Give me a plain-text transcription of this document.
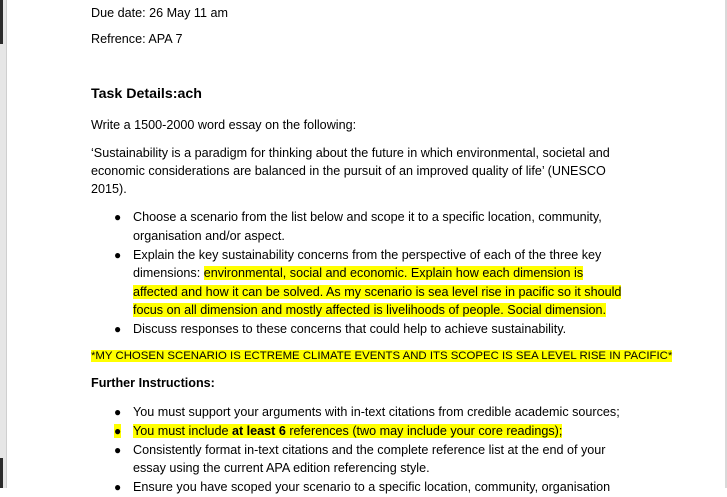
Due date: 26 May 11 am
Refrence: APA 7
Task Details:ach
Write a 1500-2000 word essay on the following:
‘Sustainability is a paradigm for thinking about the future in which environmental, societal and
economic considerations are balanced in the pursuit of an improved quality of life’ (UNESCO
2015).
● Choose a scenario from the list below and scope it to a specific location, community,
organisation and/or aspect.
● Explain the key sustainability concerns from the perspective of each of the three key
dimensions: environmental, social and economic. Explain how each dimension is
affected and how it can be solved. As my scenario is sea level rise in pacific so it should
focus on all dimension and mostly affected is livelihoods of people. Social dimension.
● Discuss responses to these concerns that could help to achieve sustainability.
*MY CHOSEN SCENARIO IS ECTREME CLIMATE EVENTS AND ITS SCOPEC IS SEA LEVEL RISE IN PACIFIC*
Further Instructions:
● You must support your arguments with in-text citations from credible academic sources;
● You must include at least 6 references (two may include your core readings);
● Consistently format in-text citations and the complete reference list at the end of your
essay using the current APA edition referencing style.
● Ensure you have scoped your scenario to a specific location, community, organisation
